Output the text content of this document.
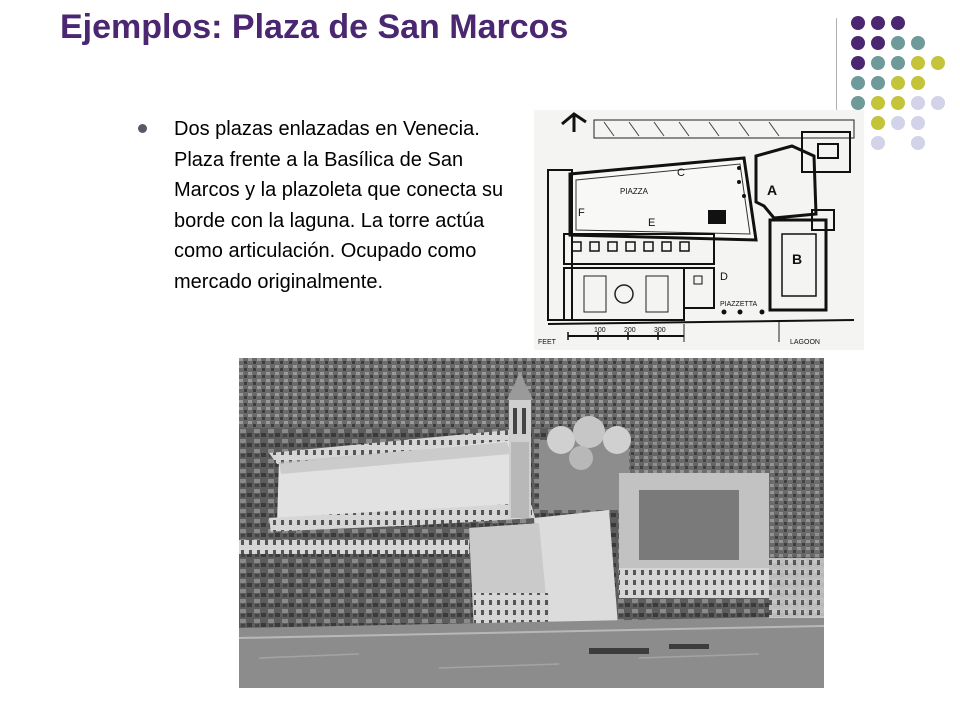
Ejemplos: Plaza de San Marcos
Dos plazas enlazadas en Venecia. Plaza frente a la Basílica de San Marcos y la plazoleta que conecta su borde con la laguna. La torre actúa como articulación. Ocupado como mercado originalmente.
C
A
B
PIAZZA
F
E
D
PIAZZETTA
FEET
100	200	300
LAGOON
